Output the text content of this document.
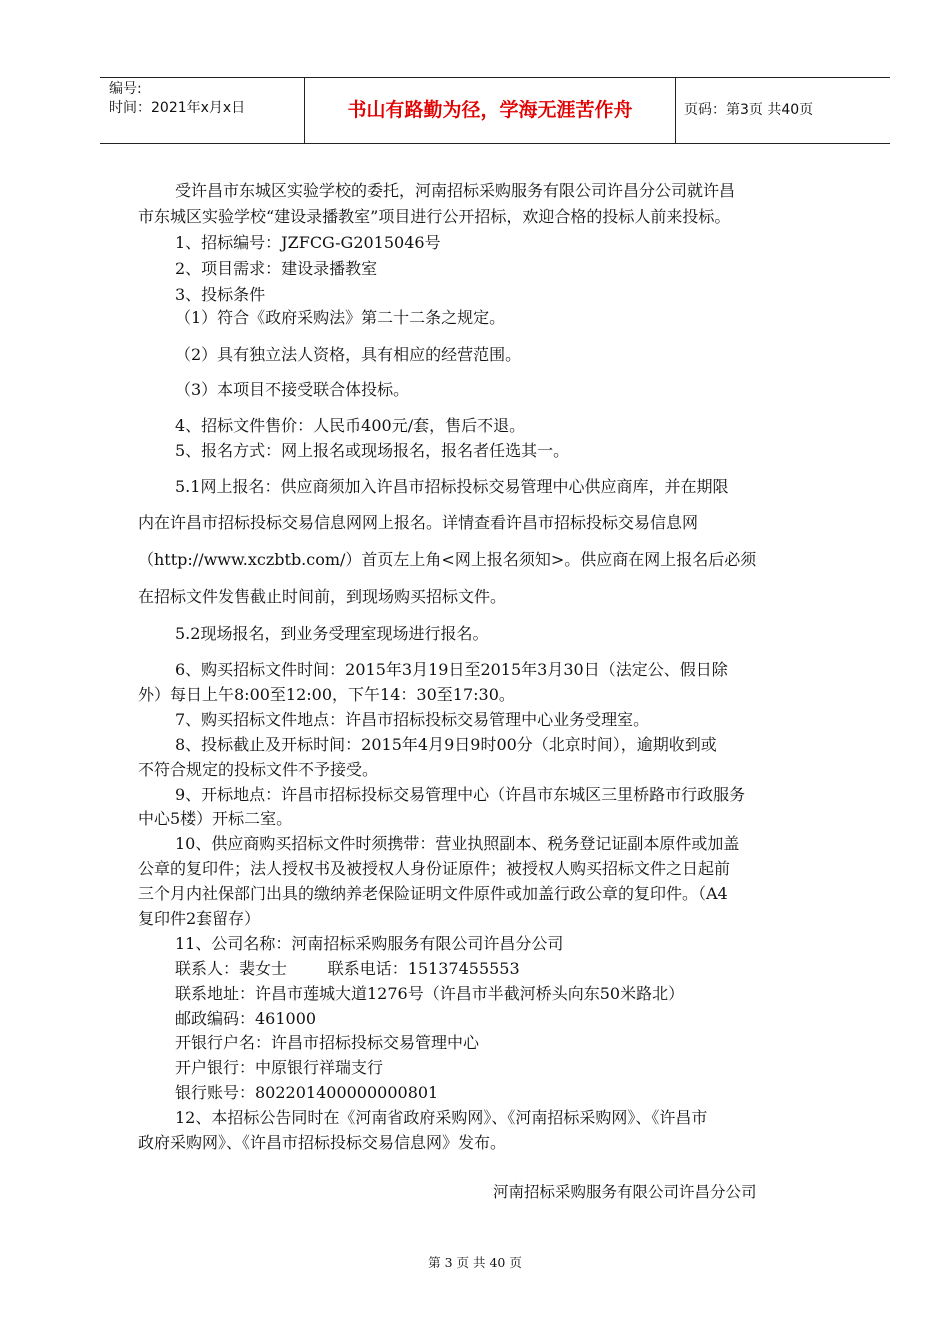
编号:
时间：2021年x月x日	书山有路勤为径，学海无涯苦作舟	页码：第3页 共40页
受许昌市东城区实验学校的委托，河南招标采购服务有限公司许昌分公司就许昌
市东城区实验学校“建设录播教室”项目进行公开招标，欢迎合格的投标人前来投标。
1、招标编号：JZFCG-G2015046号
2、项目需求：建设录播教室
3、投标条件
（1）符合《政府采购法》第二十二条之规定。
（2）具有独立法人资格，具有相应的经营范围。
（3）本项目不接受联合体投标。
4、招标文件售价：人民币400元/套，售后不退。
5、报名方式：网上报名或现场报名，报名者任选其一。
5.1网上报名：供应商须加入许昌市招标投标交易管理中心供应商库，并在期限
内在许昌市招标投标交易信息网网上报名。详情查看许昌市招标投标交易信息网
（http://www.xczbtb.com/）首页左上角<网上报名须知>。供应商在网上报名后必须
在招标文件发售截止时间前，到现场购买招标文件。
5.2现场报名，到业务受理室现场进行报名。
6、购买招标文件时间：2015年3月19日至2015年3月30日（法定公、假日除
外）每日上午8:00至12:00，下午14：30至17:30。
7、购买招标文件地点：许昌市招标投标交易管理中心业务受理室。
8、投标截止及开标时间：2015年4月9日9时00分（北京时间），逾期收到或
不符合规定的投标文件不予接受。
9、开标地点：许昌市招标投标交易管理中心（许昌市东城区三里桥路市行政服务
中心5楼）开标二室。
10、供应商购买招标文件时须携带：营业执照副本、税务登记证副本原件或加盖
公章的复印件；法人授权书及被授权人身份证原件；被授权人购买招标文件之日起前
三个月内社保部门出具的缴纳养老保险证明文件原件或加盖行政公章的复印件。（A4
复印件2套留存）
11、公司名称：河南招标采购服务有限公司许昌分公司
联系人：裴女士        联系电话：15137455553
联系地址：许昌市莲城大道1276号（许昌市半截河桥头向东50米路北）
邮政编码：461000
开银行户名：许昌市招标投标交易管理中心
开户银行：中原银行祥瑞支行
银行账号：802201400000000801
12、本招标公告同时在《河南省政府采购网》、《河南招标采购网》、《许昌市
政府采购网》、《许昌市招标投标交易信息网》发布。
河南招标采购服务有限公司许昌分公司
第 3 页 共 40 页
